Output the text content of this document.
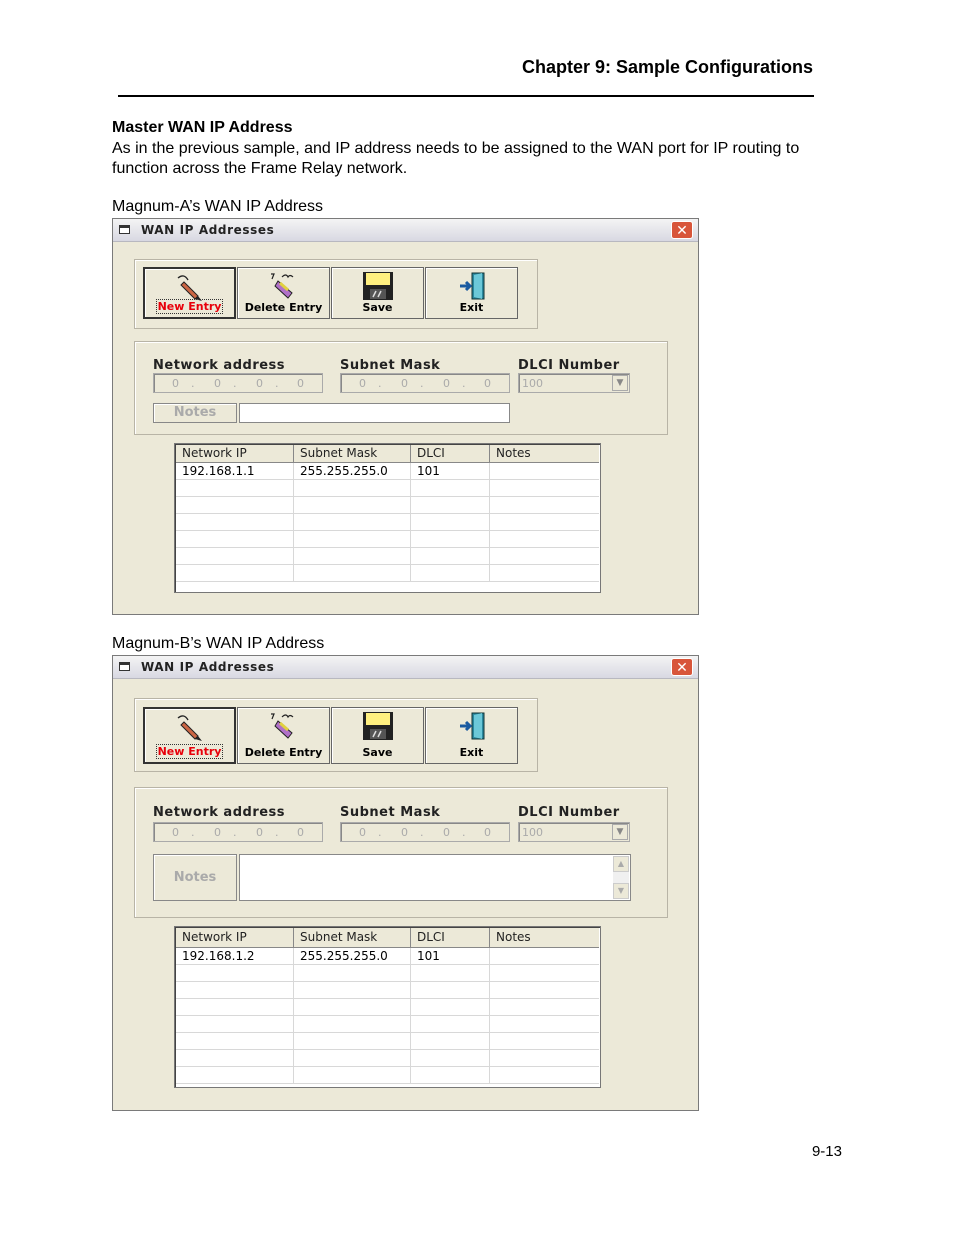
Chapter 9: Sample Configurations
Master WAN IP Address
As in the previous sample, and IP address needs to be assigned to the WAN port for IP routing to function across the Frame Relay network.
Magnum-A’s WAN IP Address
WAN IP Addresses	✕
New Entry	Delete Entry	Save	Exit
Network address	Subnet Mask	DLCI Number
0 . 0 . 0 . 0	0 . 0 . 0 . 0	100	▼
Notes
Network IP	Subnet Mask	DLCI	Notes
192.168.1.1	255.255.255.0	101
Magnum-B’s WAN IP Address
WAN IP Addresses	✕
New Entry	Delete Entry	Save	Exit
Network address	Subnet Mask	DLCI Number
0 . 0 . 0 . 0	0 . 0 . 0 . 0	100	▼
Notes
▲
▼
Network IP	Subnet Mask	DLCI	Notes
192.168.1.2	255.255.255.0	101
9-13
